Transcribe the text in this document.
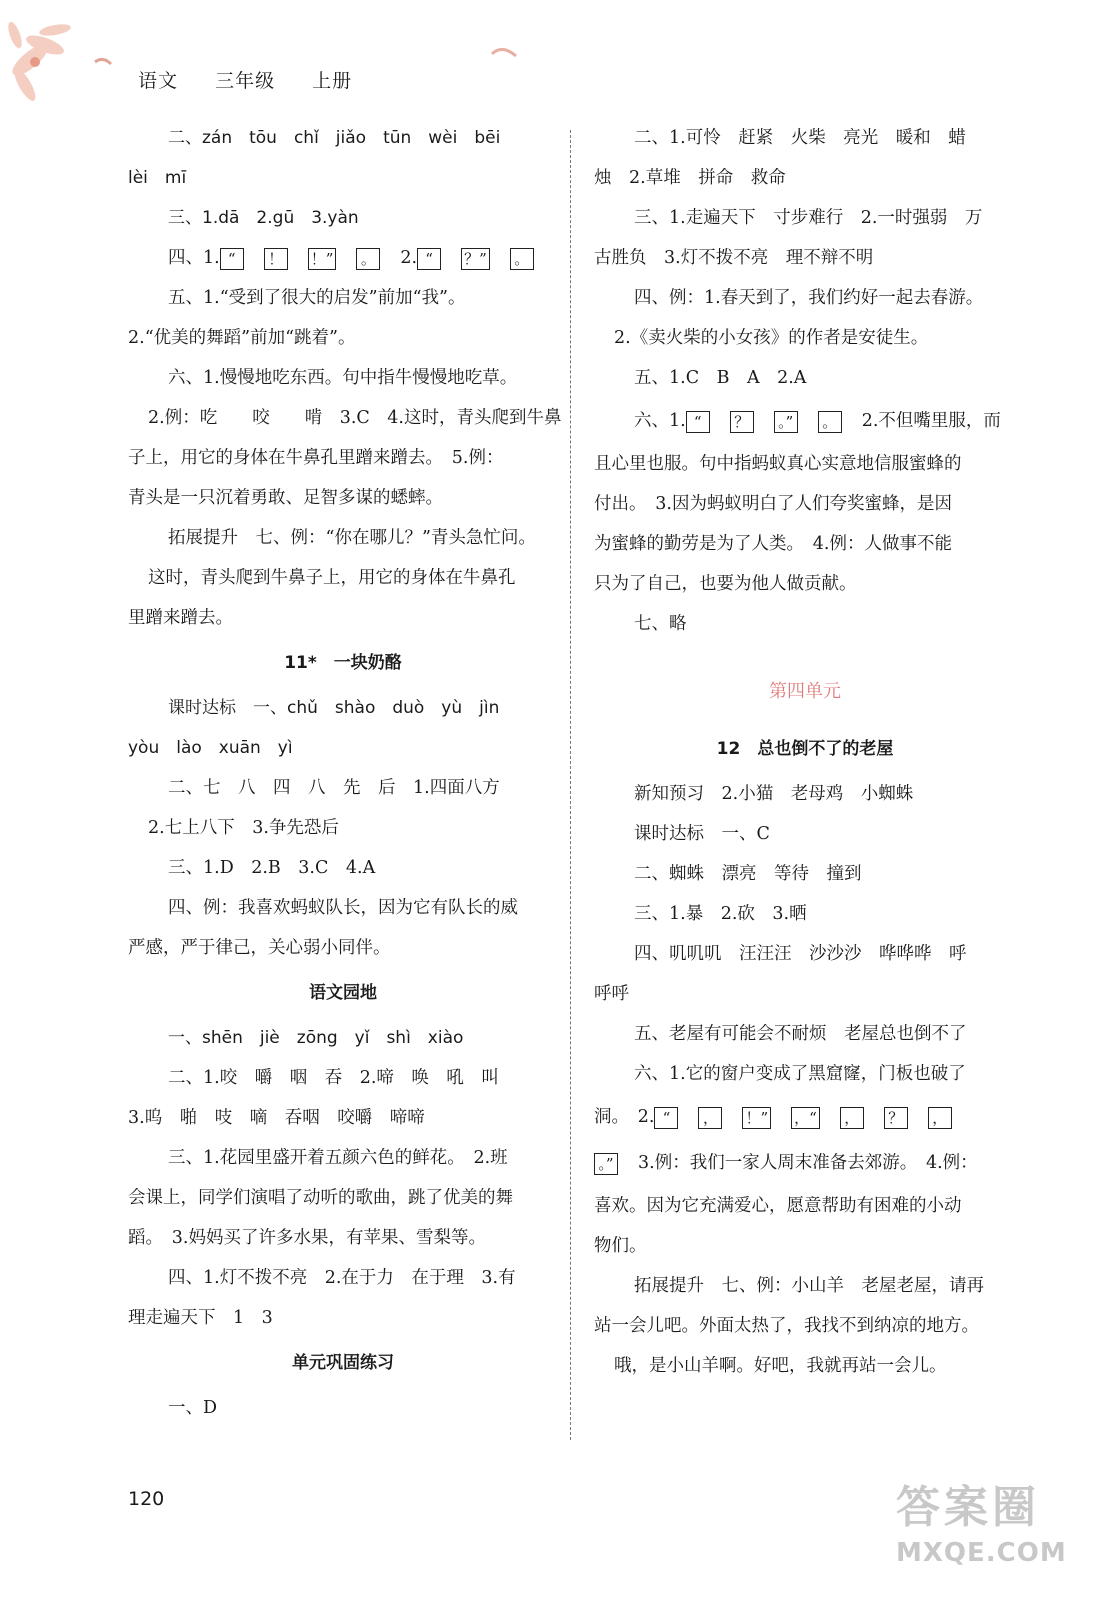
语文 三年级 上册
二、zán　tōu　chǐ　jiǎo　tūn　wèi　bēi
lèi　mī
三、1.dā　2.gū　3.yàn
四、1. “ ！ ！” 。 2. “ ？” 。
五、1.“受到了很大的启发”前加“我”。
2.“优美的舞蹈”前加“跳着”。
六、1.慢慢地吃东西。句中指牛慢慢地吃草。
2.例：吃　　咬　　啃　3.C　4.这时，青头爬到牛鼻
子上，用它的身体在牛鼻孔里蹭来蹭去。　5.例：
青头是一只沉着勇敢、足智多谋的蟋蟀。
拓展提升　七、例：“你在哪儿？”青头急忙问。
这时，青头爬到牛鼻子上，用它的身体在牛鼻孔
里蹭来蹭去。
11*　一块奶酪
课时达标　一、chǔ　shào　duò　yù　jìn
yòu　lào　xuān　yì
二、七　八　四　八　先　后　1.四面八方
2.七上八下　3.争先恐后
三、1.D　2.B　3.C　4.A
四、例：我喜欢蚂蚁队长，因为它有队长的威
严感，严于律己，关心弱小同伴。
语文园地
一、shēn　jiè　zōng　yǐ　shì　xiào
二、1.咬　嚼　咽　吞　2.啼　唤　吼　叫
3.呜　啪　吱　嘀　吞咽　咬嚼　啼啼
三、1.花园里盛开着五颜六色的鲜花。　2.班
会课上，同学们演唱了动听的歌曲，跳了优美的舞
蹈。　3.妈妈买了许多水果，有苹果、雪梨等。
四、1.灯不拨不亮　2.在于力　在于理　3.有
理走遍天下　1　3
单元巩固练习
一、D
二、1.可怜　赶紧　火柴　亮光　暖和　蜡
烛　2.草堆　拼命　救命
三、1.走遍天下　寸步难行　2.一时强弱　万
古胜负　3.灯不拨不亮　理不辩不明
四、例：1.春天到了，我们约好一起去春游。
2.《卖火柴的小女孩》的作者是安徒生。
五、1.C　B　A　2.A
六、1. “ ？ 。” 。 2.不但嘴里服，而
且心里也服。句中指蚂蚁真心实意地信服蜜蜂的
付出。　3.因为蚂蚁明白了人们夸奖蜜蜂，是因
为蜜蜂的勤劳是为了人类。　4.例：人做事不能
只为了自己，也要为他人做贡献。
七、略
第四单元
12　总也倒不了的老屋
新知预习　2.小猫　老母鸡　小蜘蛛
课时达标　一、C
二、蜘蛛　漂亮　等待　撞到
三、1.暴　2.砍　3.晒
四、叽叽叽　汪汪汪　沙沙沙　哗哗哗　呼
呼呼
五、老屋有可能会不耐烦　老屋总也倒不了
六、1.它的窗户变成了黑窟窿，门板也破了
洞。　2. “ ， ！” ，“ ， ？ ，
。” 3.例：我们一家人周末准备去郊游。　4.例：
喜欢。因为它充满爱心，愿意帮助有困难的小动
物们。
拓展提升　七、例：小山羊　老屋老屋，请再
站一会儿吧。外面太热了，我找不到纳凉的地方。
哦，是小山羊啊。好吧，我就再站一会儿。
120	答案圈
MXQE.COM
